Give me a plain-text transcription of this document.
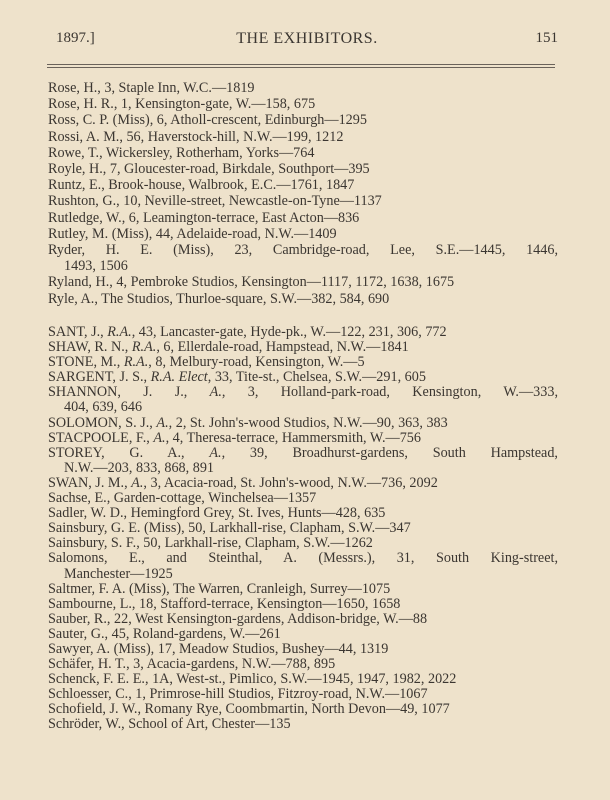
1897.]	THE EXHIBITORS.	151
Rose, H., 3, Staple Inn, W.C.—1819
Rose, H. R., 1, Kensington-gate, W.—158, 675
Ross, C. P. (Miss), 6, Atholl-crescent, Edinburgh—1295
Rossi, A. M., 56, Haverstock-hill, N.W.—199, 1212
Rowe, T., Wickersley, Rotherham, Yorks—764
Royle, H., 7, Gloucester-road, Birkdale, Southport—395
Runtz, E., Brook-house, Walbrook, E.C.—1761, 1847
Rushton, G., 10, Neville-street, Newcastle-on-Tyne—1137
Rutledge, W., 6, Leamington-terrace, East Acton—836
Rutley, M. (Miss), 44, Adelaide-road, N.W.—1409
Ryder, H. E. (Miss), 23, Cambridge-road, Lee, S.E.—1445, 1446,
1493, 1506
Ryland, H., 4, Pembroke Studios, Kensington—1117, 1172, 1638, 1675
Ryle, A., The Studios, Thurloe-square, S.W.—382, 584, 690
SANT, J., R.A., 43, Lancaster-gate, Hyde-pk., W.—122, 231, 306, 772
SHAW, R. N., R.A., 6, Ellerdale-road, Hampstead, N.W.—1841
STONE, M., R.A., 8, Melbury-road, Kensington, W.—5
SARGENT, J. S., R.A. Elect, 33, Tite-st., Chelsea, S.W.—291, 605
SHANNON, J. J., A., 3, Holland-park-road, Kensington, W.—333,
404, 639, 646
SOLOMON, S. J., A., 2, St. John's-wood Studios, N.W.—90, 363, 383
STACPOOLE, F., A., 4, Theresa-terrace, Hammersmith, W.—756
STOREY, G. A., A., 39, Broadhurst-gardens, South Hampstead,
N.W.—203, 833, 868, 891
SWAN, J. M., A., 3, Acacia-road, St. John's-wood, N.W.—736, 2092
Sachse, E., Garden-cottage, Winchelsea—1357
Sadler, W. D., Hemingford Grey, St. Ives, Hunts—428, 635
Sainsbury, G. E. (Miss), 50, Larkhall-rise, Clapham, S.W.—347
Sainsbury, S. F., 50, Larkhall-rise, Clapham, S.W.—1262
Salomons, E., and Steinthal, A. (Messrs.), 31, South King-street,
Manchester—1925
Saltmer, F. A. (Miss), The Warren, Cranleigh, Surrey—1075
Sambourne, L., 18, Stafford-terrace, Kensington—1650, 1658
Sauber, R., 22, West Kensington-gardens, Addison-bridge, W.—88
Sauter, G., 45, Roland-gardens, W.—261
Sawyer, A. (Miss), 17, Meadow Studios, Bushey—44, 1319
Schäfer, H. T., 3, Acacia-gardens, N.W.—788, 895
Schenck, F. E. E., 1A, West-st., Pimlico, S.W.—1945, 1947, 1982, 2022
Schloesser, C., 1, Primrose-hill Studios, Fitzroy-road, N.W.—1067
Schofield, J. W., Romany Rye, Coombmartin, North Devon—49, 1077
Schröder, W., School of Art, Chester—135
